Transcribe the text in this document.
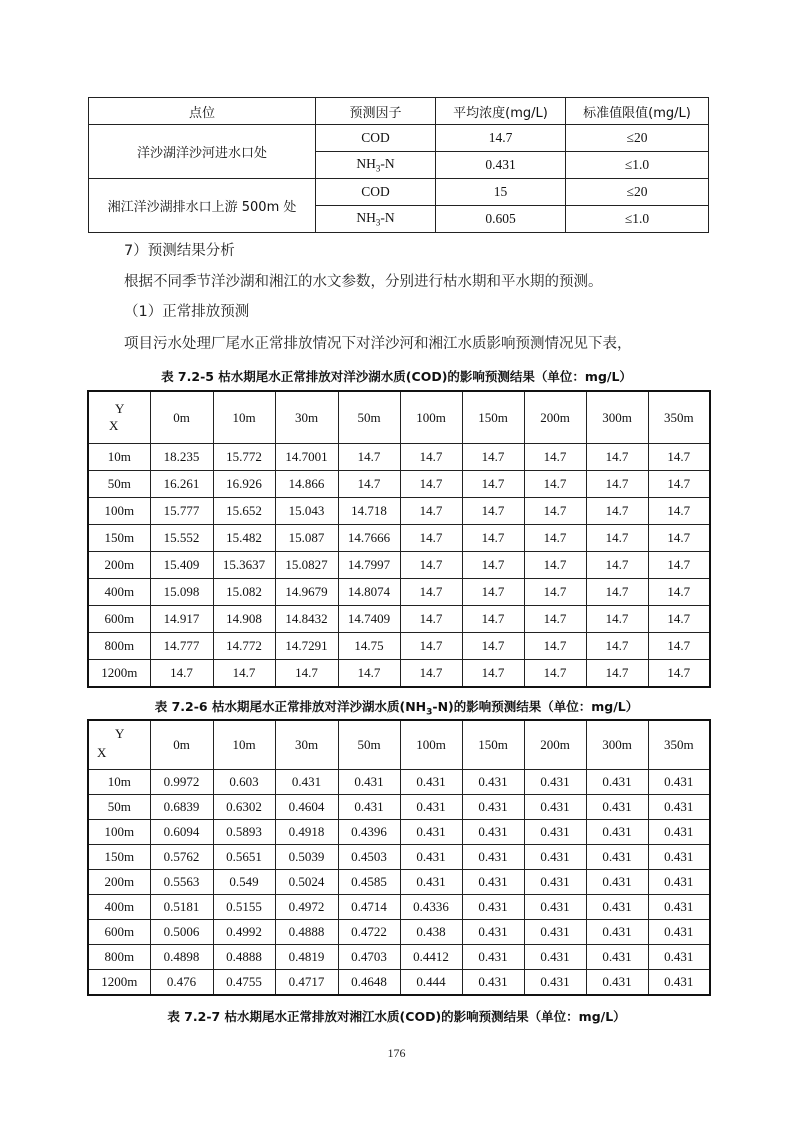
点位	预测因子	平均浓度(mg/L)	标准值限值(mg/L)
洋沙湖洋沙河进水口处	COD	14.7	≤20
	$NH_3-N$	0.431	≤1.0
湘江洋沙湖排水口上游 500m 处	COD	15	≤20
	$NH_3-N$	0.605	≤1.0
7）预测结果分析
根据不同季节洋沙湖和湘江的水文参数，分别进行枯水期和平水期的预测。
（1）正常排放预测
项目污水处理厂尾水正常排放情况下对洋沙河和湘江水质影响预测情况见下表，
表 7.2-5 枯水期尾水正常排放对洋沙湖水质(COD)的影响预测结果（单位：mg/L）
Y
X	0m	10m	30m	50m	100m	150m	200m	300m	350m
10m	18.235	15.772	14.7001	14.7	14.7	14.7	14.7	14.7	14.7
50m	16.261	16.926	14.866	14.7	14.7	14.7	14.7	14.7	14.7
100m	15.777	15.652	15.043	14.718	14.7	14.7	14.7	14.7	14.7
150m	15.552	15.482	15.087	14.7666	14.7	14.7	14.7	14.7	14.7
200m	15.409	15.3637	15.0827	14.7997	14.7	14.7	14.7	14.7	14.7
400m	15.098	15.082	14.9679	14.8074	14.7	14.7	14.7	14.7	14.7
600m	14.917	14.908	14.8432	14.7409	14.7	14.7	14.7	14.7	14.7
800m	14.777	14.772	14.7291	14.75	14.7	14.7	14.7	14.7	14.7
1200m	14.7	14.7	14.7	14.7	14.7	14.7	14.7	14.7	14.7
表 7.2-6 枯水期尾水正常排放对洋沙湖水质$(NH_3-N)$的影响预测结果（单位：mg/L）
Y
X	0m	10m	30m	50m	100m	150m	200m	300m	350m
10m	0.9972	0.603	0.431	0.431	0.431	0.431	0.431	0.431	0.431
50m	0.6839	0.6302	0.4604	0.431	0.431	0.431	0.431	0.431	0.431
100m	0.6094	0.5893	0.4918	0.4396	0.431	0.431	0.431	0.431	0.431
150m	0.5762	0.5651	0.5039	0.4503	0.431	0.431	0.431	0.431	0.431
200m	0.5563	0.549	0.5024	0.4585	0.431	0.431	0.431	0.431	0.431
400m	0.5181	0.5155	0.4972	0.4714	0.4336	0.431	0.431	0.431	0.431
600m	0.5006	0.4992	0.4888	0.4722	0.438	0.431	0.431	0.431	0.431
800m	0.4898	0.4888	0.4819	0.4703	0.4412	0.431	0.431	0.431	0.431
1200m	0.476	0.4755	0.4717	0.4648	0.444	0.431	0.431	0.431	0.431
表 7.2-7 枯水期尾水正常排放对湘江水质(COD)的影响预测结果（单位：mg/L）
176
